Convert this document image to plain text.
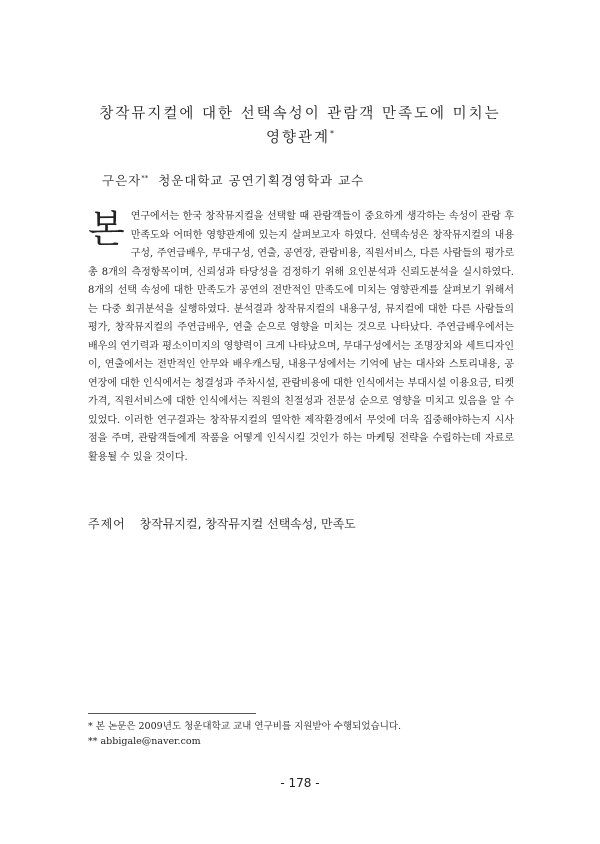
창작뮤지컬에 대한 선택속성이 관람객 만족도에 미치는
영향관계*
구은자** 청운대학교 공연기획경영학과 교수
본 연구에서는 한국 창작뮤지컬을 선택할 때 관람객들이 중요하게 생각하는 속성이 관람 후 만족도와 어떠한 영향관계에 있는지 살펴보고자 하였다. 선택속성은 창작뮤지컬의 내용구성, 주연급배우, 무대구성, 연출, 공연장, 관람비용, 직원서비스, 다른 사람들의 평가로 총 8개의 측정항목이며, 신뢰성과 타당성을 검정하기 위해 요인분석과 신뢰도분석을 실시하였다. 8개의 선택 속성에 대한 만족도가 공연의 전반적인 만족도에 미치는 영향관계를 살펴보기 위해서는 다중 회귀분석을 실행하였다. 분석결과 창작뮤지컬의 내용구성, 뮤지컬에 대한 다른 사람들의 평가, 창작뮤지컬의 주연급배우, 연출 순으로 영향을 미치는 것으로 나타났다. 주연급배우에서는 배우의 연기력과 평소이미지의 영향력이 크게 나타났으며, 무대구성에서는 조명장치와 세트디자인이, 연출에서는 전반적인 안무와 배우캐스팅, 내용구성에서는 기억에 남는 대사와 스토리내용, 공연장에 대한 인식에서는 청결성과 주차시설, 관람비용에 대한 인식에서는 부대시설 이용요금, 티켓가격, 직원서비스에 대한 인식에서는 직원의 친절성과 전문성 순으로 영향을 미치고 있음을 알 수 있었다. 이러한 연구결과는 창작뮤지컬의 열악한 제작환경에서 무엇에 더욱 집중해야하는지 시사점을 주며, 관람객들에게 작품을 어떻게 인식시킬 것인가 하는 마케팅 전략을 수립하는데 자료로 활용될 수 있을 것이다.

주제어 창작뮤지컬, 창작뮤지컬 선택속성, 만족도

* 본 논문은 2009년도 청운대학교 교내 연구비를 지원받아 수행되었습니다.

** abbigale@naver.com

- 178 -
